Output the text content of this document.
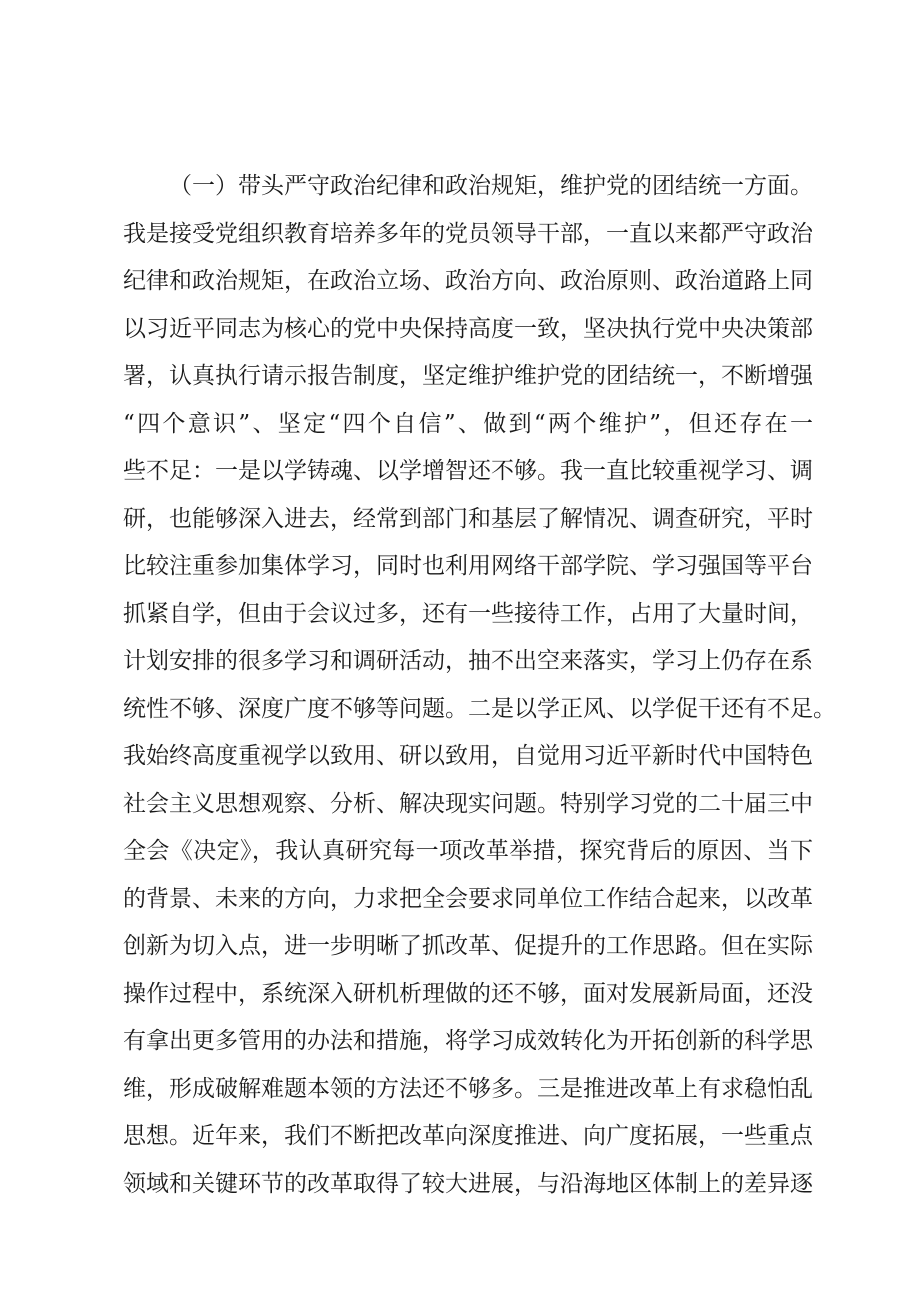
（一）带头严守政治纪律和政治规矩，维护党的团结统一方面。
我是接受党组织教育培养多年的党员领导干部，一直以来都严守政治
纪律和政治规矩，在政治立场、政治方向、政治原则、政治道路上同
以习近平同志为核心的党中央保持高度一致，坚决执行党中央决策部
署，认真执行请示报告制度，坚定维护维护党的团结统一，不断增强
“四个意识”、坚定“四个自信”、做到“两个维护”，但还存在一
些不足：一是以学铸魂、以学增智还不够。我一直比较重视学习、调
研，也能够深入进去，经常到部门和基层了解情况、调查研究，平时
比较注重参加集体学习，同时也利用网络干部学院、学习强国等平台
抓紧自学，但由于会议过多，还有一些接待工作，占用了大量时间，
计划安排的很多学习和调研活动，抽不出空来落实，学习上仍存在系
统性不够、深度广度不够等问题。二是以学正风、以学促干还有不足。
我始终高度重视学以致用、研以致用，自觉用习近平新时代中国特色
社会主义思想观察、分析、解决现实问题。特别学习党的二十届三中
全会《决定》，我认真研究每一项改革举措，探究背后的原因、当下
的背景、未来的方向，力求把全会要求同单位工作结合起来，以改革
创新为切入点，进一步明晰了抓改革、促提升的工作思路。但在实际
操作过程中，系统深入研机析理做的还不够，面对发展新局面，还没
有拿出更多管用的办法和措施，将学习成效转化为开拓创新的科学思
维，形成破解难题本领的方法还不够多。三是推进改革上有求稳怕乱
思想。近年来，我们不断把改革向深度推进、向广度拓展，一些重点
领域和关键环节的改革取得了较大进展，与沿海地区体制上的差异逐
